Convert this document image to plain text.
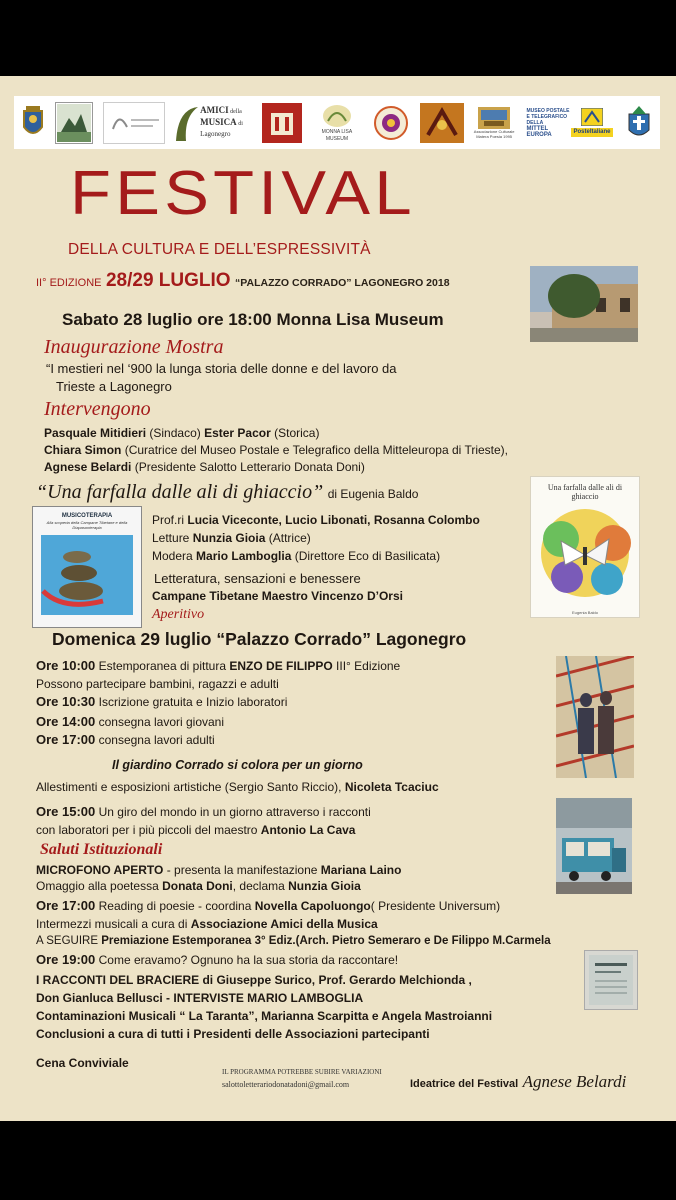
AMICI della
MUSICA di
Lagonegro	MONNA LISA MUSEUM
Associazione Culturale Matera Poesia 1995
MUSEO POSTALE
E TELEGRAFICO
DELLA
MITTEL
EUROPA	PosteItaliane
FESTIVAL
DELLA CULTURA E DELL’ESPRESSIVITÀ
II° EDIZIONE 28/29 LUGLIO “PALAZZO CORRADO” LAGONEGRO 2018
Sabato 28 luglio ore 18:00 Monna Lisa Museum
Inaugurazione Mostra
“I mestieri nel ‘900 la lunga storia delle donne e del lavoro da
Trieste a Lagonegro
Intervengono
Pasquale Mitidieri (Sindaco) Ester Pacor (Storica)
Chiara Simon (Curatrice del Museo Postale e Telegrafico della Mitteleuropa di Trieste),
Agnese Belardi (Presidente Salotto Letterario Donata Doni)
“Una farfalla dalle ali di ghiaccio” di Eugenia Baldo
Prof.ri Lucia Viceconte, Lucio Libonati, Rosanna Colombo
Letture Nunzia Gioia (Attrice)
Modera Mario Lamboglia (Direttore Eco di Basilicata)
Letteratura, sensazioni e benessere
Campane Tibetane Maestro Vincenzo D’Orsi
Aperitivo
MUSICOTERAPIA
Alla scoperta della Campane Tibetane e della Diapasonterapia
Una farfalla dalle ali di ghiaccio
Eugenia Baldo
Domenica 29 luglio “Palazzo Corrado” Lagonegro
Ore 10:00 Estemporanea di pittura ENZO DE FILIPPO III° Edizione
Possono partecipare bambini, ragazzi e adulti
Ore 10:30 Iscrizione gratuita e Inizio laboratori
Ore 14:00 consegna lavori giovani
Ore 17:00 consegna lavori adulti
Il giardino Corrado si colora per un giorno
Allestimenti e esposizioni artistiche (Sergio Santo Riccio), Nicoleta Tcaciuc
Ore 15:00 Un giro del mondo in un giorno attraverso i racconti
con laboratori per i più piccoli del maestro Antonio La Cava
Saluti Istituzionali
MICROFONO APERTO - presenta la manifestazione Mariana Laino
Omaggio alla poetessa Donata Doni, declama Nunzia Gioia
Ore 17:00 Reading di poesie - coordina Novella Capoluongo( Presidente Universum)
Intermezzi musicali a cura di Associazione Amici della Musica
A SEGUIRE Premiazione Estemporanea 3° Ediz.(Arch. Pietro Semeraro e De Filippo M.Carmela
Ore 19:00 Come eravamo? Ognuno ha la sua storia da raccontare!
I RACCONTI DEL BRACIERE di Giuseppe Surico, Prof. Gerardo Melchionda ,
Don Gianluca Bellusci - INTERVISTE MARIO LAMBOGLIA
Contaminazioni Musicali “ La Taranta”, Marianna Scarpitta e Angela Mastroianni
Conclusioni a cura di tutti i Presidenti delle Associazioni partecipanti
Cena Conviviale
IL PROGRAMMA POTREBBE SUBIRE VARIAZIONI
salottoletterariodonatadoni@gmail.com	Ideatrice del Festival Agnese Belardi
